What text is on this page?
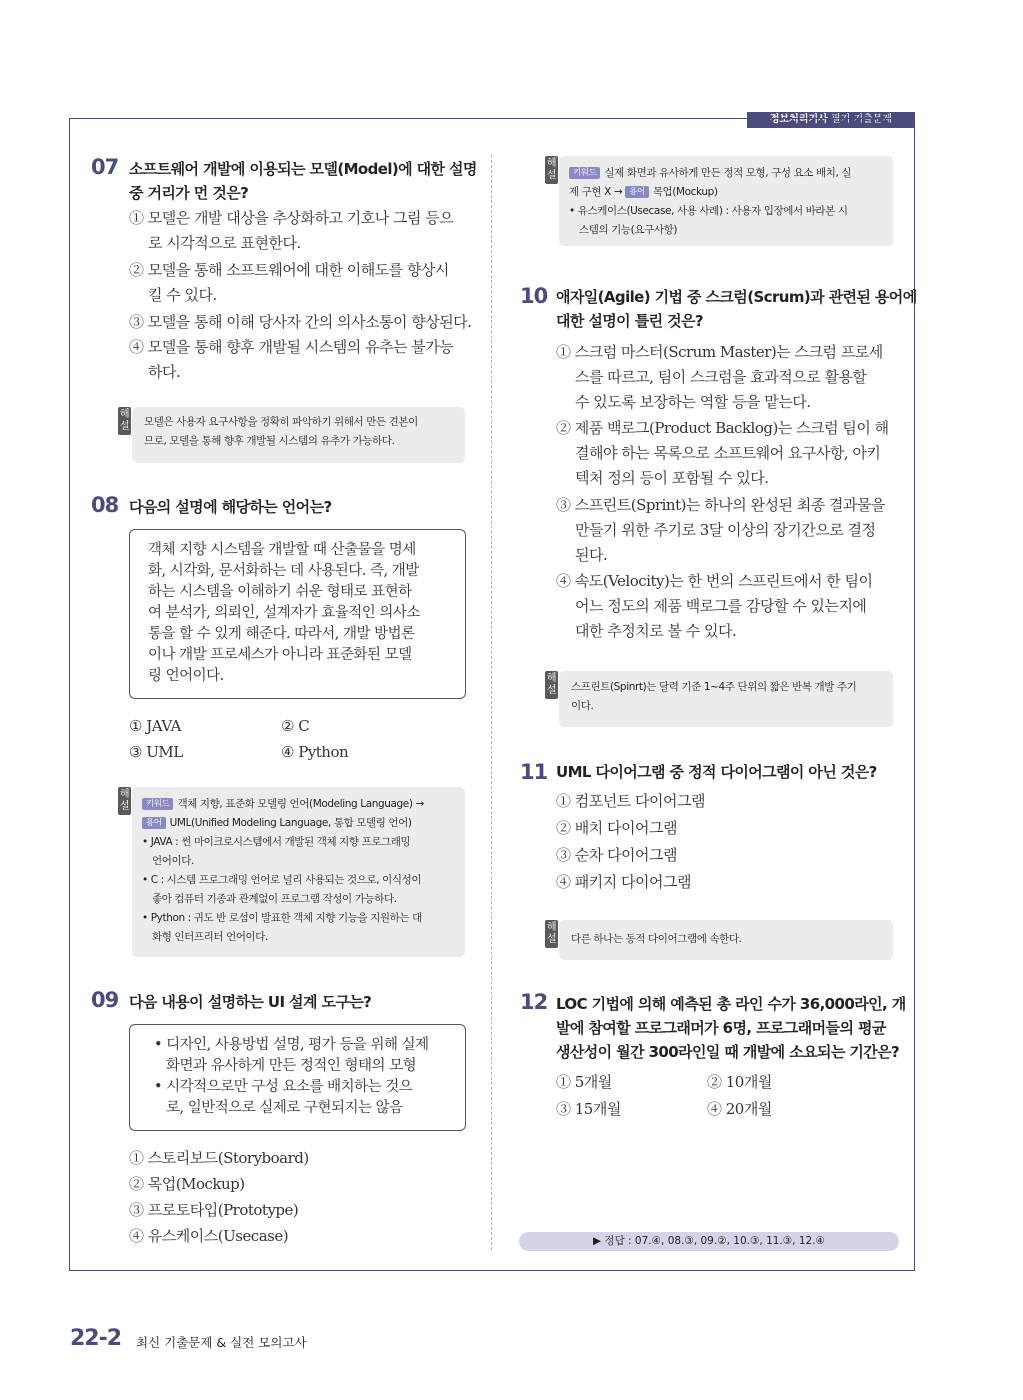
정보처리기사 필기 기출문제
07 소프트웨어 개발에 이용되는 모델(Model)에 대한 설명
중 거리가 먼 것은?
① 모델은 개발 대상을 추상화하고 기호나 그림 등으
로 시각적으로 표현한다.
② 모델을 통해 소프트웨어에 대한 이해도를 향상시
킬 수 있다.
③ 모델을 통해 이해 당사자 간의 의사소통이 향상된다.
④ 모델을 통해 향후 개발될 시스템의 유추는 불가능
하다.
해설 모델은 사용자 요구사항을 정확히 파악하기 위해서 만든 견본이
므로, 모델을 통해 향후 개발될 시스템의 유추가 가능하다.
08 다음의 설명에 해당하는 언어는?
객체 지향 시스템을 개발할 때 산출물을 명세
화, 시각화, 문서화하는 데 사용된다. 즉, 개발
하는 시스템을 이해하기 쉬운 형태로 표현하
여 분석가, 의뢰인, 설계자가 효율적인 의사소
통을 할 수 있게 해준다. 따라서, 개발 방법론
이나 개발 프로세스가 아니라 표준화된 모델
링 언어이다.
① JAVA	② C
③ UML	④ Python
해설	키워드 객체 지향, 표준화 모델링 언어(Modeling Language) →
용어 UML(Unified Modeling Language, 통합 모델링 언어)
• JAVA : 썬 마이크로시스템에서 개발된 객체 지향 프로그래밍
언어이다.
• C : 시스템 프로그래밍 언어로 널리 사용되는 것으로, 이식성이
좋아 컴퓨터 기종과 관계없이 프로그램 작성이 가능하다.
• Python : 귀도 반 로섬이 발표한 객체 지향 기능을 지원하는 대
화형 인터프리터 언어이다.
09 다음 내용이 설명하는 UI 설계 도구는?
• 디자인, 사용방법 설명, 평가 등을 위해 실제
화면과 유사하게 만든 정적인 형태의 모형
• 시각적으로만 구성 요소를 배치하는 것으
로, 일반적으로 실제로 구현되지는 않음
① 스토리보드(Storyboard)
② 목업(Mockup)
③ 프로토타입(Prototype)
④ 유스케이스(Usecase)
해설	키워드 실제 화면과 유사하게 만든 정적 모형, 구성 요소 배치, 실
제 구현 X → 용어 목업(Mockup)
• 유스케이스(Usecase, 사용 사례) : 사용자 입장에서 바라본 시
스템의 기능(요구사항)
10 애자일(Agile) 기법 중 스크럼(Scrum)과 관련된 용어에
대한 설명이 틀린 것은?
① 스크럼 마스터(Scrum Master)는 스크럼 프로세
스를 따르고, 팀이 스크럼을 효과적으로 활용할
수 있도록 보장하는 역할 등을 맡는다.
② 제품 백로그(Product Backlog)는 스크럼 팀이 해
결해야 하는 목록으로 소프트웨어 요구사항, 아키
텍처 정의 등이 포함될 수 있다.
③ 스프린트(Sprint)는 하나의 완성된 최종 결과물을
만들기 위한 주기로 3달 이상의 장기간으로 결정
된다.
④ 속도(Velocity)는 한 번의 스프린트에서 한 팀이
어느 정도의 제품 백로그를 감당할 수 있는지에
대한 추정치로 볼 수 있다.
해설 스프린트(Spinrt)는 달력 기준 1~4주 단위의 짧은 반복 개발 주기
이다.
11 UML 다이어그램 중 정적 다이어그램이 아닌 것은?
① 컴포넌트 다이어그램
② 배치 다이어그램
③ 순차 다이어그램
④ 패키지 다이어그램
해설 다른 하나는 동적 다이어그램에 속한다.
12 LOC 기법에 의해 예측된 총 라인 수가 36,000라인, 개
발에 참여할 프로그래머가 6명, 프로그래머들의 평균
생산성이 월간 300라인일 때 개발에 소요되는 기간은?
① 5개월	② 10개월
③ 15개월	④ 20개월
▶ 정답 : 07.④, 08.③, 09.②, 10.③, 11.③, 12.④
22-2 최신 기출문제 & 실전 모의고사
